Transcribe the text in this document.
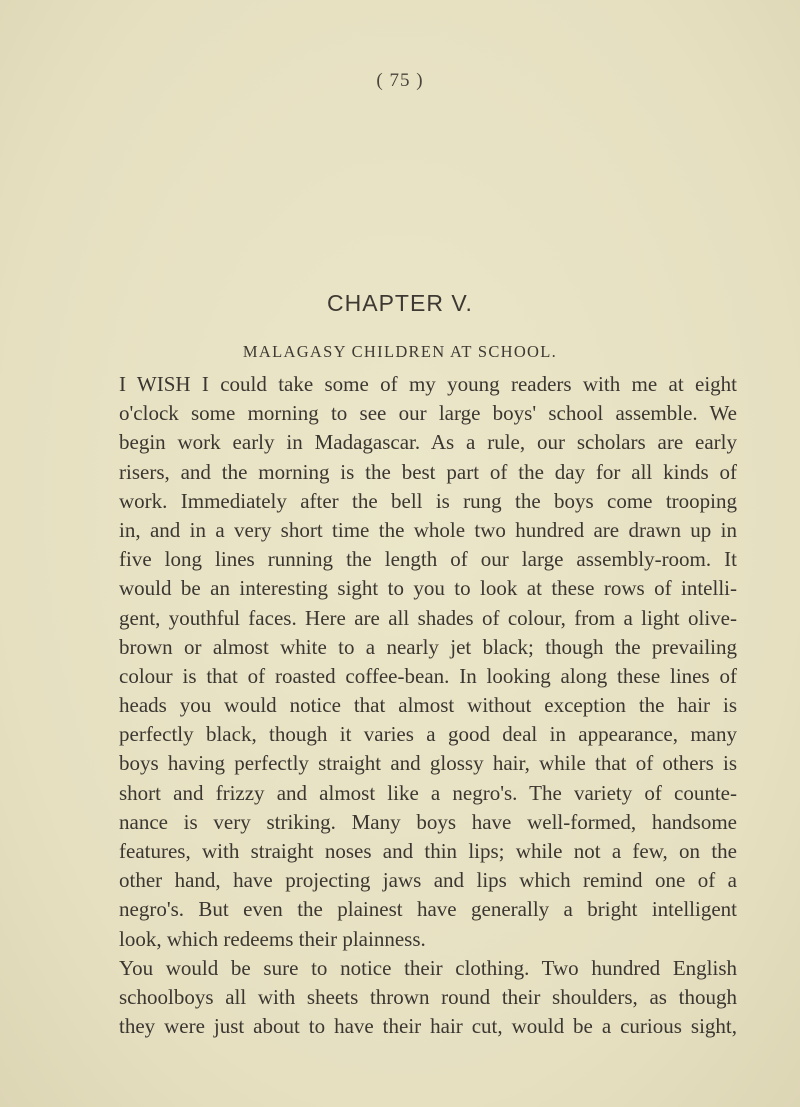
( 75 )
CHAPTER V.
MALAGASY CHILDREN AT SCHOOL.
I WISH I could take some of my young readers with me at eight
o'clock some morning to see our large boys' school assemble. We
begin work early in Madagascar. As a rule, our scholars are early
risers, and the morning is the best part of the day for all kinds of
work. Immediately after the bell is rung the boys come trooping
in, and in a very short time the whole two hundred are drawn up in
five long lines running the length of our large assembly-room. It
would be an interesting sight to you to look at these rows of intelli-
gent, youthful faces. Here are all shades of colour, from a light olive-
brown or almost white to a nearly jet black; though the prevailing
colour is that of roasted coffee-bean. In looking along these lines of
heads you would notice that almost without exception the hair is
perfectly black, though it varies a good deal in appearance, many
boys having perfectly straight and glossy hair, while that of others is
short and frizzy and almost like a negro's. The variety of counte-
nance is very striking. Many boys have well-formed, handsome
features, with straight noses and thin lips; while not a few, on the
other hand, have projecting jaws and lips which remind one of a
negro's. But even the plainest have generally a bright intelligent
look, which redeems their plainness.
You would be sure to notice their clothing. Two hundred English
schoolboys all with sheets thrown round their shoulders, as though
they were just about to have their hair cut, would be a curious sight,
